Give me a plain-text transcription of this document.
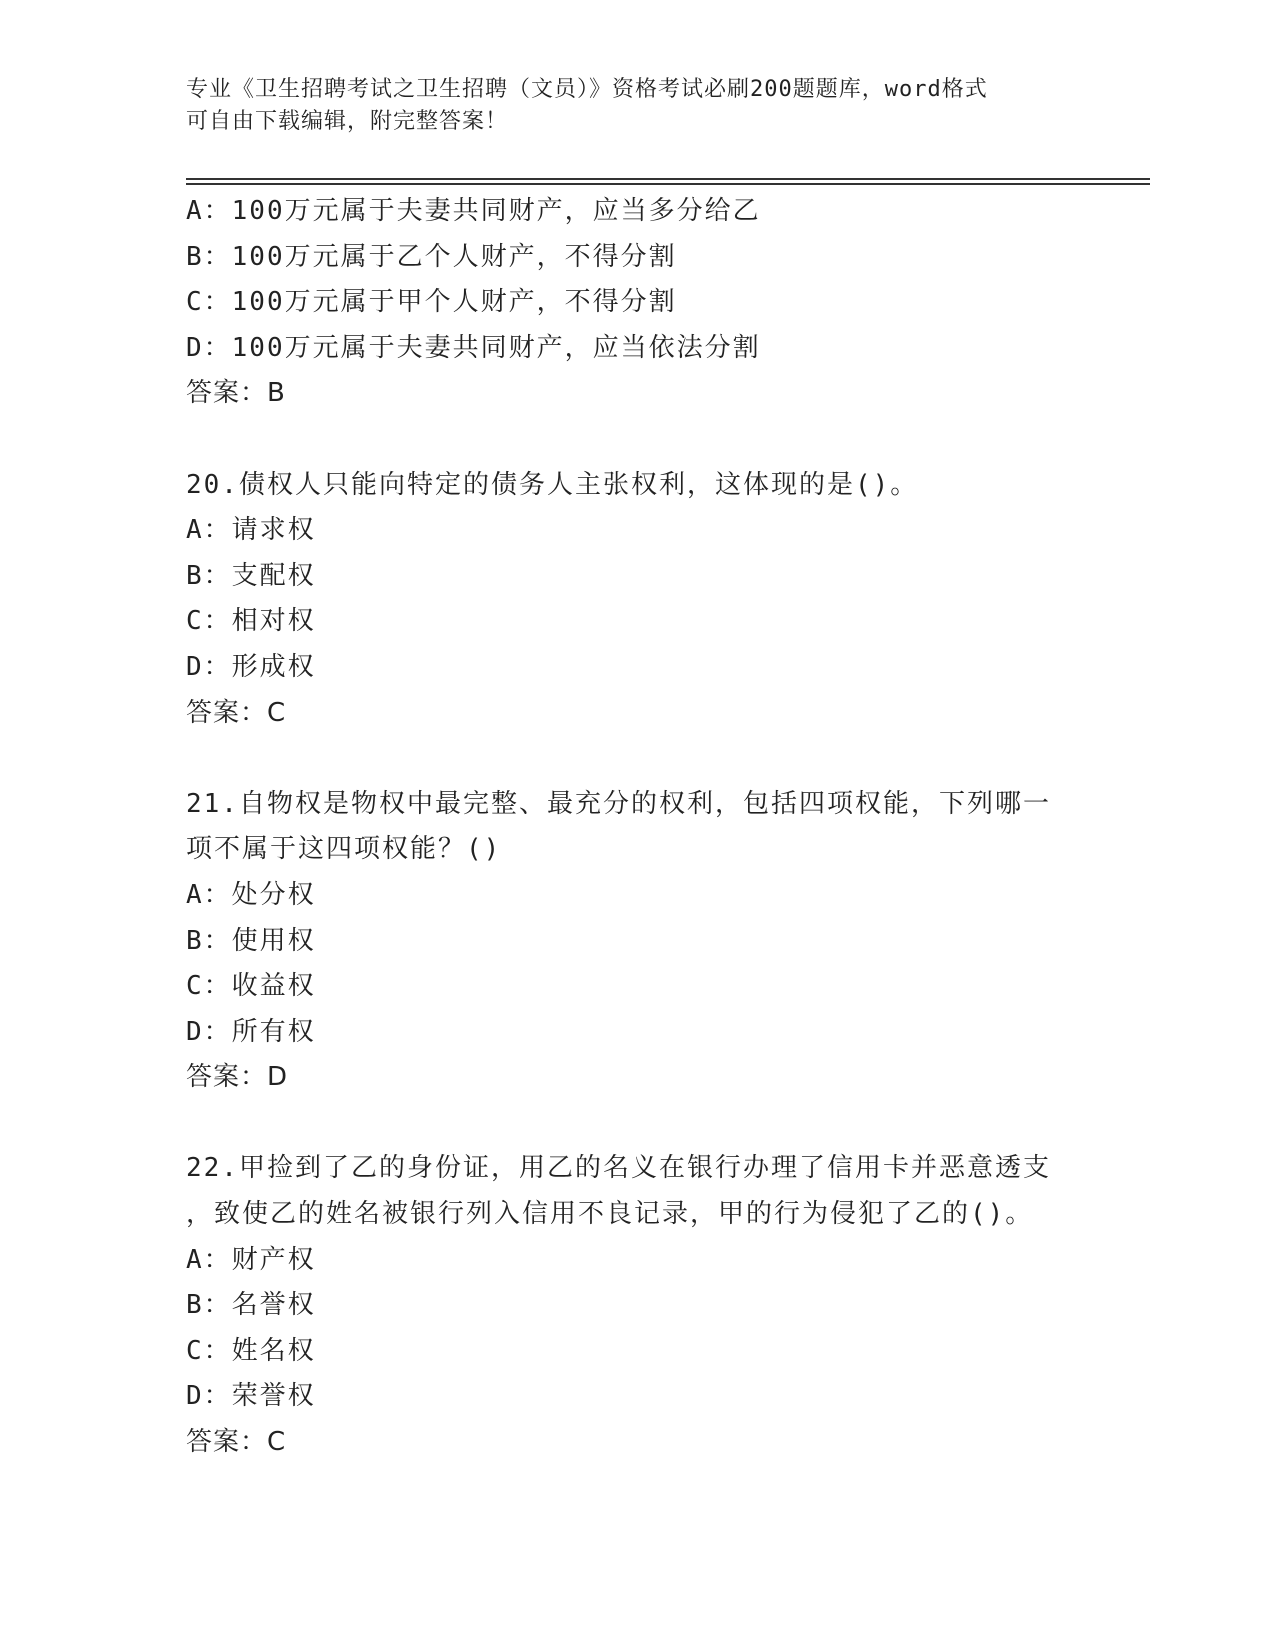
专业《卫生招聘考试之卫生招聘（文员）》资格考试必刷200题题库，word格式
可自由下载编辑，附完整答案！
A：100万元属于夫妻共同财产，应当多分给乙
B：100万元属于乙个人财产，不得分割
C：100万元属于甲个人财产，不得分割
D：100万元属于夫妻共同财产，应当依法分割
答案：B
20.债权人只能向特定的债务人主张权利，这体现的是()。
A：请求权
B：支配权
C：相对权
D：形成权
答案：C
21.自物权是物权中最完整、最充分的权利，包括四项权能，下列哪一
项不属于这四项权能？()
A：处分权
B：使用权
C：收益权
D：所有权
答案：D
22.甲捡到了乙的身份证，用乙的名义在银行办理了信用卡并恶意透支
，致使乙的姓名被银行列入信用不良记录，甲的行为侵犯了乙的()。
A：财产权
B：名誉权
C：姓名权
D：荣誉权
答案：C
